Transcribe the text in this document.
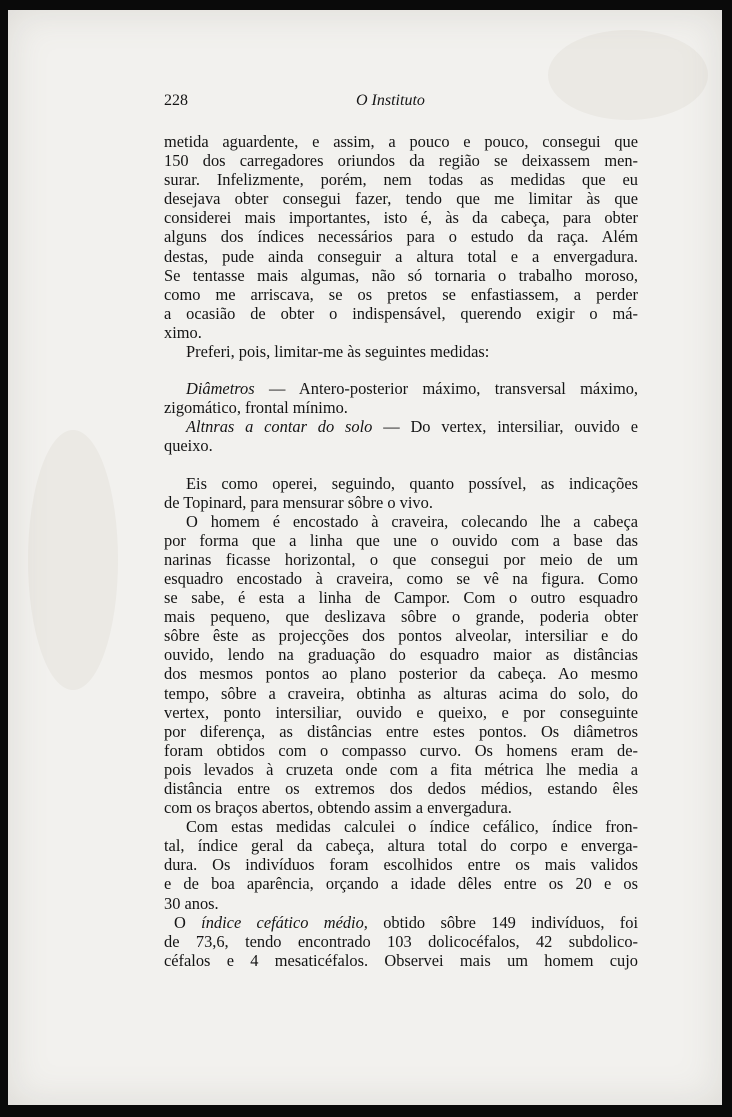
228	O Instituto
metida aguardente, e assim, a pouco e pouco, consegui que
150 dos carregadores oriundos da região se deixassem men-
surar. Infelizmente, porém, nem todas as medidas que eu
desejava obter consegui fazer, tendo que me limitar às que
considerei mais importantes, isto é, às da cabeça, para obter
alguns dos índices necessários para o estudo da raça. Além
destas, pude ainda conseguir a altura total e a envergadura.
Se tentasse mais algumas, não só tornaria o trabalho moroso,
como me arriscava, se os pretos se enfastiassem, a perder
a ocasião de obter o indispensável, querendo exigir o má-
ximo.
Preferi, pois, limitar-me às seguintes medidas:
Diâmetros — Antero-posterior máximo, transversal máximo,
zigomático, frontal mínimo.
Altnras a contar do solo — Do vertex, intersiliar, ouvido e
queixo.
Eis como operei, seguindo, quanto possível, as indicações
de Topinard, para mensurar sôbre o vivo.
O homem é encostado à craveira, colecando lhe a cabeça
por forma que a linha que une o ouvido com a base das
narinas ficasse horizontal, o que consegui por meio de um
esquadro encostado à craveira, como se vê na figura. Como
se sabe, é esta a linha de Campor. Com o outro esquadro
mais pequeno, que deslizava sôbre o grande, poderia obter
sôbre êste as projecções dos pontos alveolar, intersiliar e do
ouvido, lendo na graduação do esquadro maior as distâncias
dos mesmos pontos ao plano posterior da cabeça. Ao mesmo
tempo, sôbre a craveira, obtinha as alturas acima do solo, do
vertex, ponto intersiliar, ouvido e queixo, e por conseguinte
por diferença, as distâncias entre estes pontos. Os diâmetros
foram obtidos com o compasso curvo. Os homens eram de-
pois levados à cruzeta onde com a fita métrica lhe media a
distância entre os extremos dos dedos médios, estando êles
com os braços abertos, obtendo assim a envergadura.
Com estas medidas calculei o índice cefálico, índice fron-
tal, índice geral da cabeça, altura total do corpo e enverga-
dura. Os indivíduos foram escolhidos entre os mais validos
e de boa aparência, orçando a idade dêles entre os 20 e os
30 anos.
O índice cefático médio, obtido sôbre 149 indivíduos, foi
de 73,6, tendo encontrado 103 dolicocéfalos, 42 subdolico-
céfalos e 4 mesaticéfalos. Observei mais um homem cujo
